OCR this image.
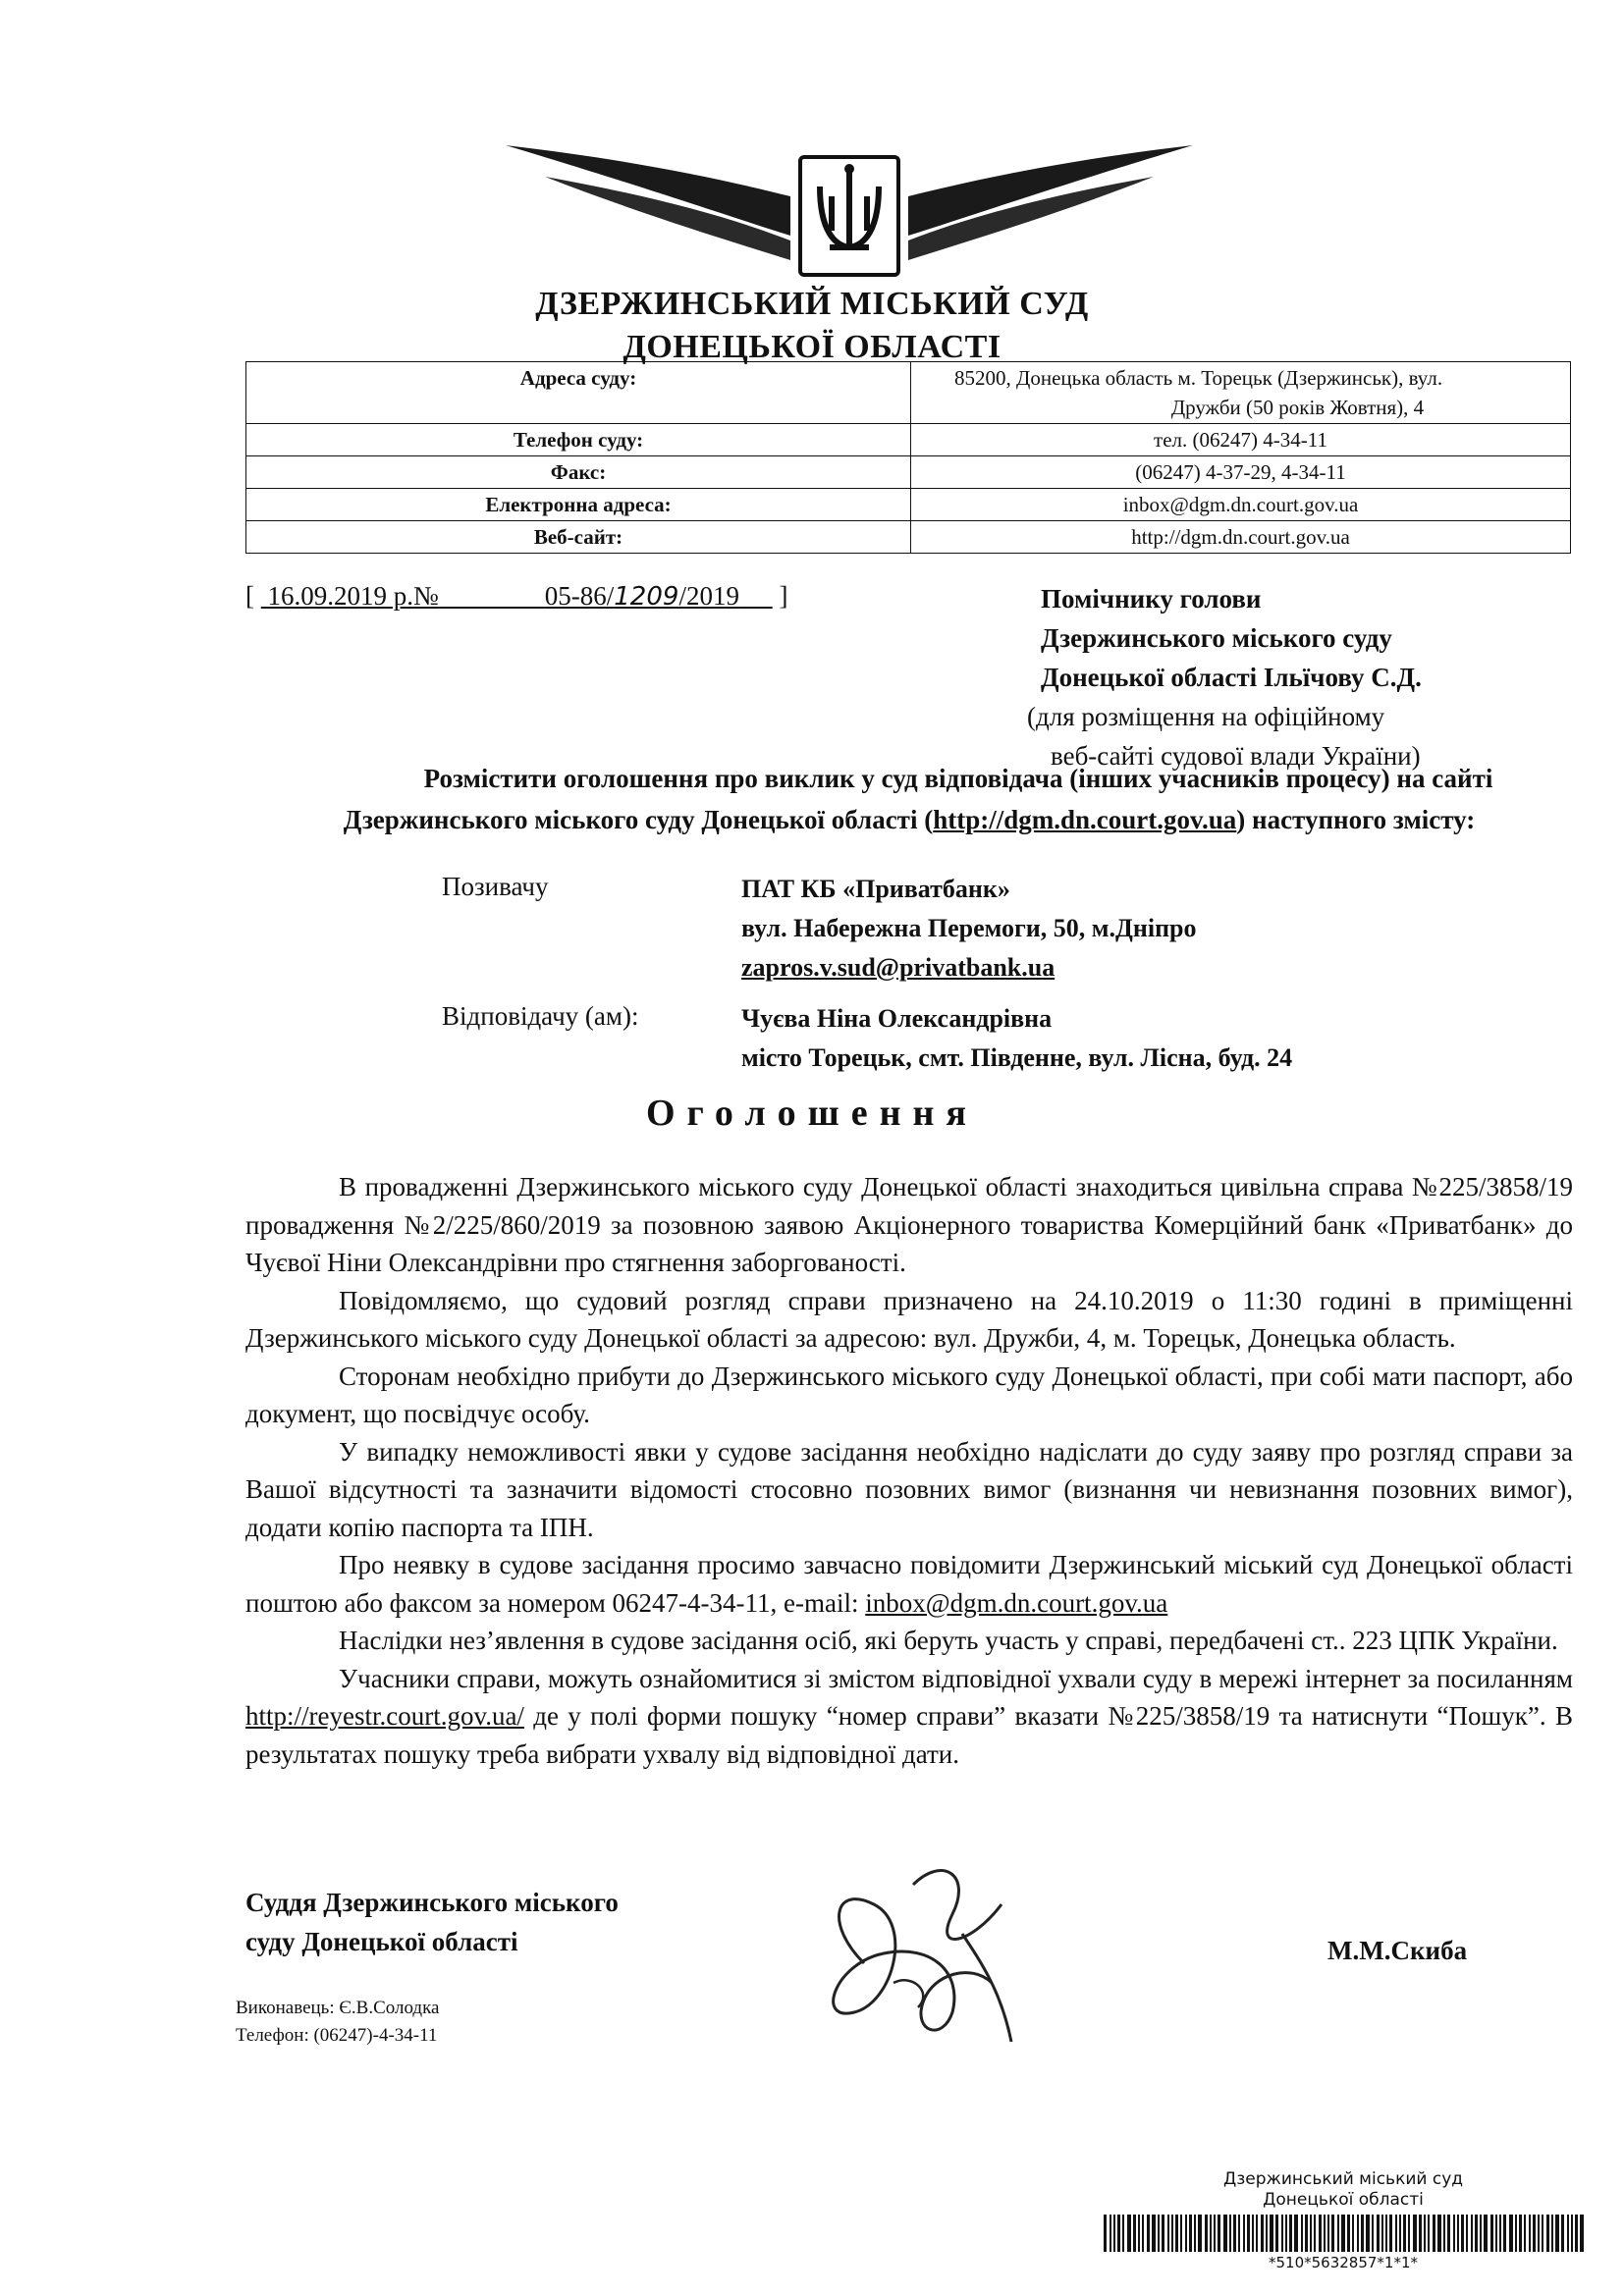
ДЗЕРЖИНСЬКИЙ МІСЬКИЙ СУД
ДОНЕЦЬКОЇ ОБЛАСТІ
Адреса суду:	85200, Донецька область м. Торецьк (Дзержинськ), вул.
Дружби (50 років Жовтня), 4

Телефон суду:	тел. (06247) 4-34-11
Факс:	(06247) 4-37-29, 4-34-11
Електронна адреса:	inbox@dgm.dn.court.gov.ua
Веб-сайт:	http://dgm.dn.court.gov.ua
[ 16.09.2019 р.№	05-86/1209/2019 ]	Помічнику голови
Дзержинського міського суду
Донецької області Ільїчову С.Д.
(для розміщення на офіційному
веб-сайті судової влади України)
Розмістити оголошення про виклик у суд відповідача (інших учасників процесу) на сайті
Дзержинського міського суду Донецької області (http://dgm.dn.court.gov.ua) наступного змісту:
Позивачу	ПАТ КБ «Приватбанк»
вул. Набережна Перемоги, 50, м.Дніпро
zapros.v.sud@privatbank.ua
Відповідачу (ам):	Чуєва Ніна Олександрівна
місто Торецьк, смт. Південне, вул. Лісна, буд. 24
Оголошення

В провадженні Дзержинського міського суду Донецької області знаходиться цивільна справа №225/3858/19 провадження №2/225/860/2019 за позовною заявою Акціонерного товариства Комерційний банк «Приватбанк» до Чуєвої Ніни Олександрівни про стягнення заборгованості.

Повідомляємо, що судовий розгляд справи призначено на 24.10.2019 о 11:30 годині в приміщенні Дзержинського міського суду Донецької області за адресою: вул. Дружби, 4, м. Торецьк, Донецька область.

Сторонам необхідно прибути до Дзержинського міського суду Донецької області, при собі мати паспорт, або документ, що посвідчує особу.

У випадку неможливості явки у судове засідання необхідно надіслати до суду заяву про розгляд справи за Вашої відсутності та зазначити відомості стосовно позовних вимог (визнання чи невизнання позовних вимог), додати копію паспорта та ІПН.

Про неявку в судове засідання просимо завчасно повідомити Дзержинський міський суд Донецької області поштою або факсом за номером 06247-4-34-11, e-mail: inbox@dgm.dn.court.gov.ua

Наслідки нез’явлення в судове засідання осіб, які беруть участь у справі, передбачені ст.. 223 ЦПК України.

Учасники справи, можуть ознайомитися зі змістом відповідної ухвали суду в мережі інтернет за посиланням http://reyestr.court.gov.ua/ де у полі форми пошуку “номер справи” вказати №225/3858/19 та натиснути “Пошук”. В результатах пошуку треба вибрати ухвалу від відповідної дати.

Суддя Дзержинського міського
суду Донецької області	М.М.Скиба
Виконавець: Є.В.Солодка
Телефон: (06247)-4-34-11
Дзержинський міський суд
Донецької області
*510*5632857*1*1*
